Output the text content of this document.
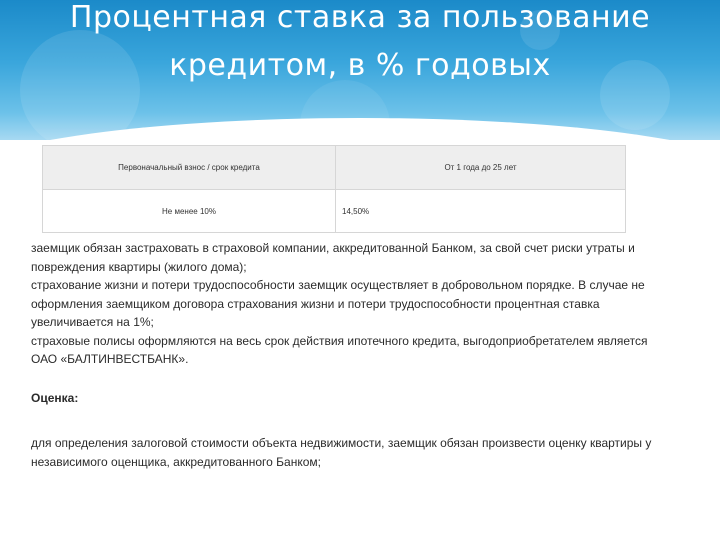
Процентная ставка за пользование
кредитом, в % годовых
Первоначальный взнос / срок кредита	От 1 года до 25 лет
Не менее 10%	14,50%

заемщик обязан застраховать в страховой компании, аккредитованной Банком, за свой счет риски утраты и повреждения квартиры (жилого дома);

страхование жизни и потери трудоспособности заемщик осуществляет в добровольном порядке. В случае не оформления заемщиком договора страхования жизни и потери трудоспособности процентная ставка увеличивается на 1%;

страховые полисы оформляются на весь срок действия ипотечного кредита, выгодоприобретателем является ОАО «БАЛТИНВЕСТБАНК».

Оценка:

для определения залоговой стоимости объекта недвижимости, заемщик обязан произвести оценку квартиры у независимого оценщика, аккредитованного Банком;
